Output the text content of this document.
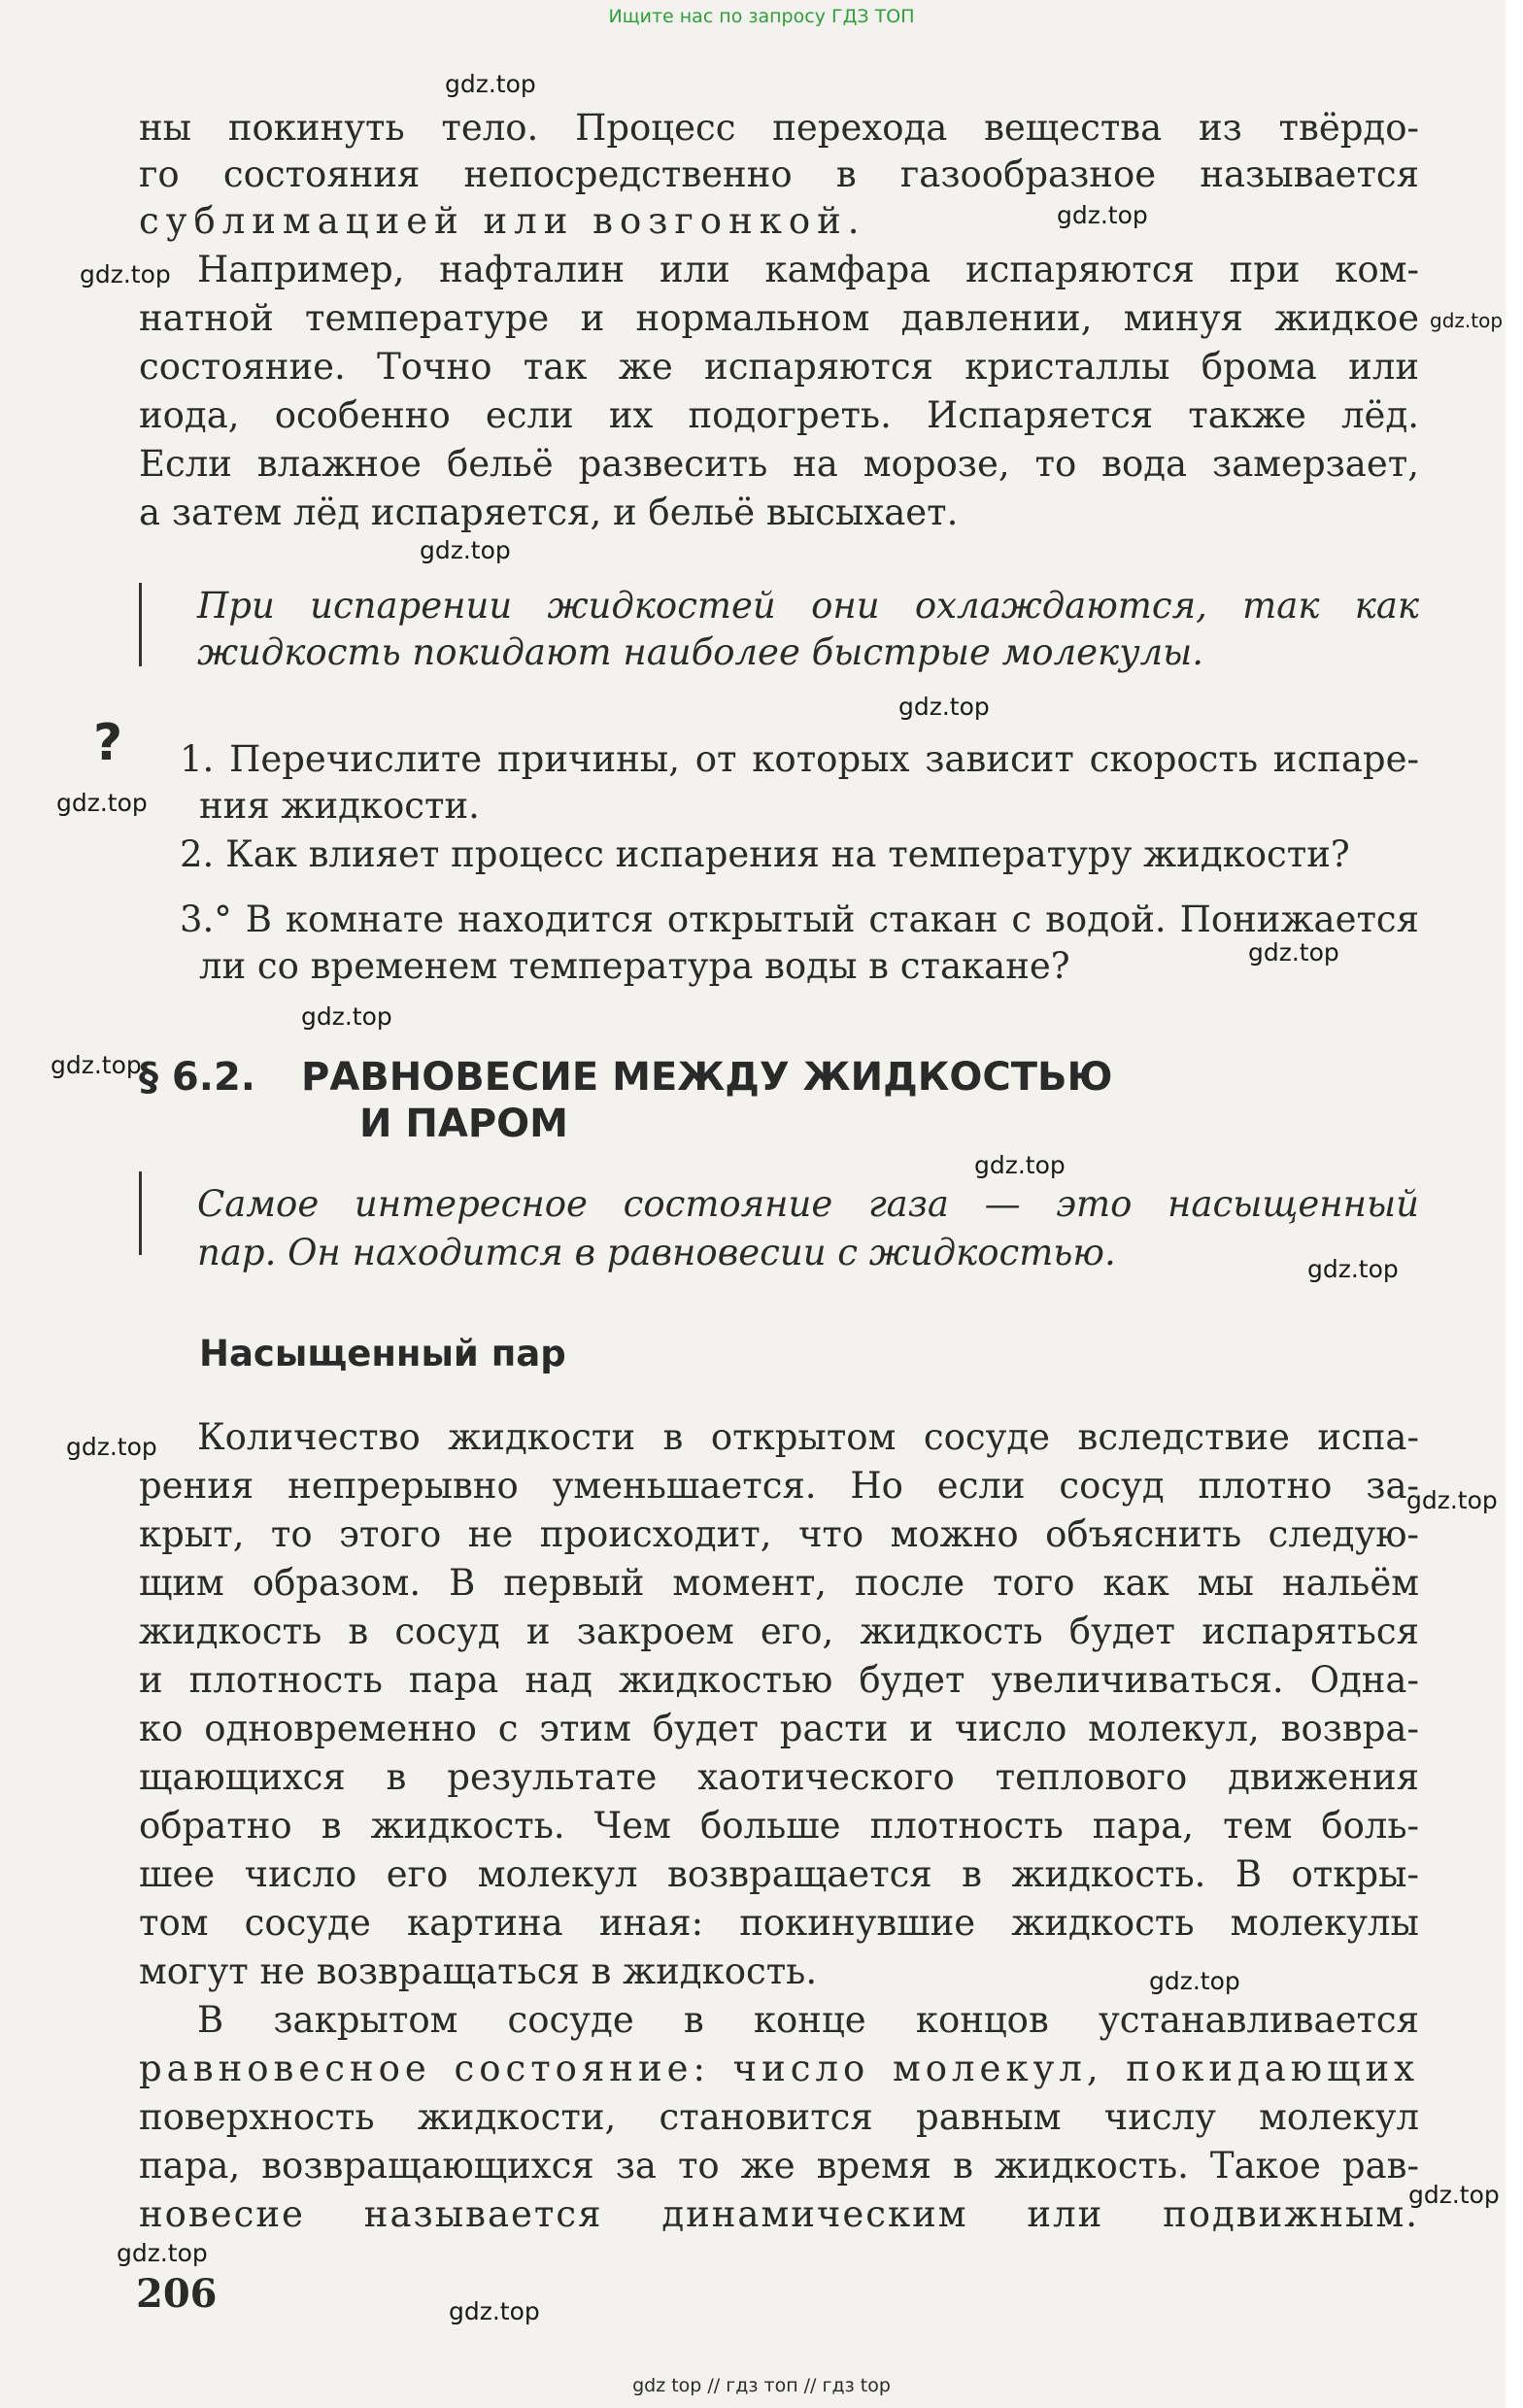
Ищите нас по запросу ГДЗ ТОП
ны покинуть тело. Процесс перехода вещества из твёрдо-
го состояния непосредственно в газообразное называется
сублимацией или возгонкой.
Например, нафталин или камфара испаряются при ком-
натной температуре и нормальном давлении, минуя жидкое
состояние. Точно так же испаряются кристаллы брома или
иода, особенно если их подогреть. Испаряется также лёд.
Если влажное бельё развесить на морозе, то вода замерзает,
а затем лёд испаряется, и бельё высыхает.
При испарении жидкостей они охлаждаются, так как
жидкость покидают наиболее быстрые молекулы.
? 1. Перечислите причины, от которых зависит скорость испаре-
ния жидкости.
2. Как влияет процесс испарения на температуру жидкости?
3.° В комнате находится открытый стакан с водой. Понижается
ли со временем температура воды в стакане?
§ 6.2. РАВНОВЕСИЕ МЕЖДУ ЖИДКОСТЬЮ
И ПАРОМ
Самое интересное состояние газа — это насыщенный
пар. Он находится в равновесии с жидкостью.
Насыщенный пар
Количество жидкости в открытом сосуде вследствие испа-
рения непрерывно уменьшается. Но если сосуд плотно за-
крыт, то этого не происходит, что можно объяснить следую-
щим образом. В первый момент, после того как мы нальём
жидкость в сосуд и закроем его, жидкость будет испаряться
и плотность пара над жидкостью будет увеличиваться. Одна-
ко одновременно с этим будет расти и число молекул, возвра-
щающихся в результате хаотического теплового движения
обратно в жидкость. Чем больше плотность пара, тем боль-
шее число его молекул возвращается в жидкость. В откры-
том сосуде картина иная: покинувшие жидкость молекулы
могут не возвращаться в жидкость.
В закрытом сосуде в конце концов устанавливается
равновесное состояние: число молекул, покидающих
поверхность жидкости, становится равным числу молекул
пара, возвращающихся за то же время в жидкость. Такое рав-
новесие называется динамическим или подвижным.
206
gdz.top
gdz.top
gdz.top
gdz.top
gdz.top
gdz.top
gdz.top
gdz.top
gdz.top
gdz.top
gdz.top
gdz.top
gdz.top
gdz.top
gdz.top
gdz.top
gdz.top
gdz.top
gdz top // гдз топ // гдз top
